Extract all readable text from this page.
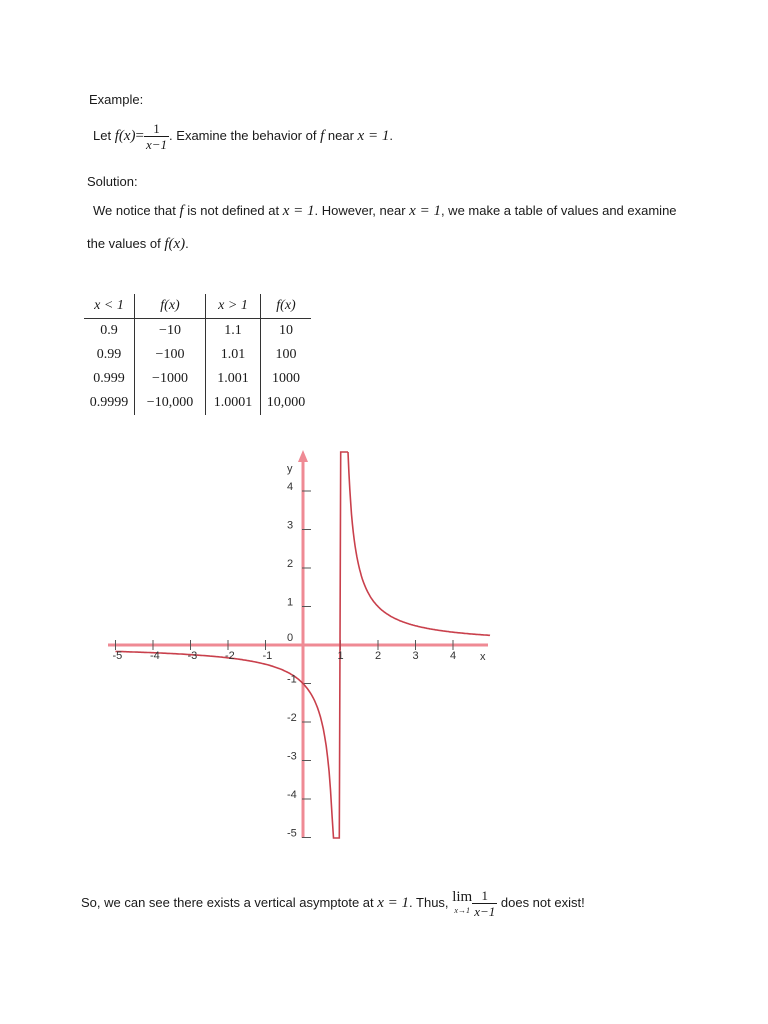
Example:
Let $f(x)= \frac{1}{x-1}$ . Examine the behavior of f near x = 1.
Solution:
We notice that f is not defined at x = 1. However, near x = 1, we make a table of values and examine
the values of f(x).
x < 1	f(x)	x > 1	f(x)
0.9	−10	1.1	10
0.99	−100	1.01	100
0.999	−1000	1.001	1000
0.9999	−10,000	1.0001	10,000
-5	-4	-3	-2	-1	1	2	3	4 x
4
3
2
1
0
-1
-2
-3
-4
-5
y
So, we can see there exists a vertical asymptote at x = 1. Thus, lim
$x\to 1 \frac{1}{x-1}$ does not exist!
